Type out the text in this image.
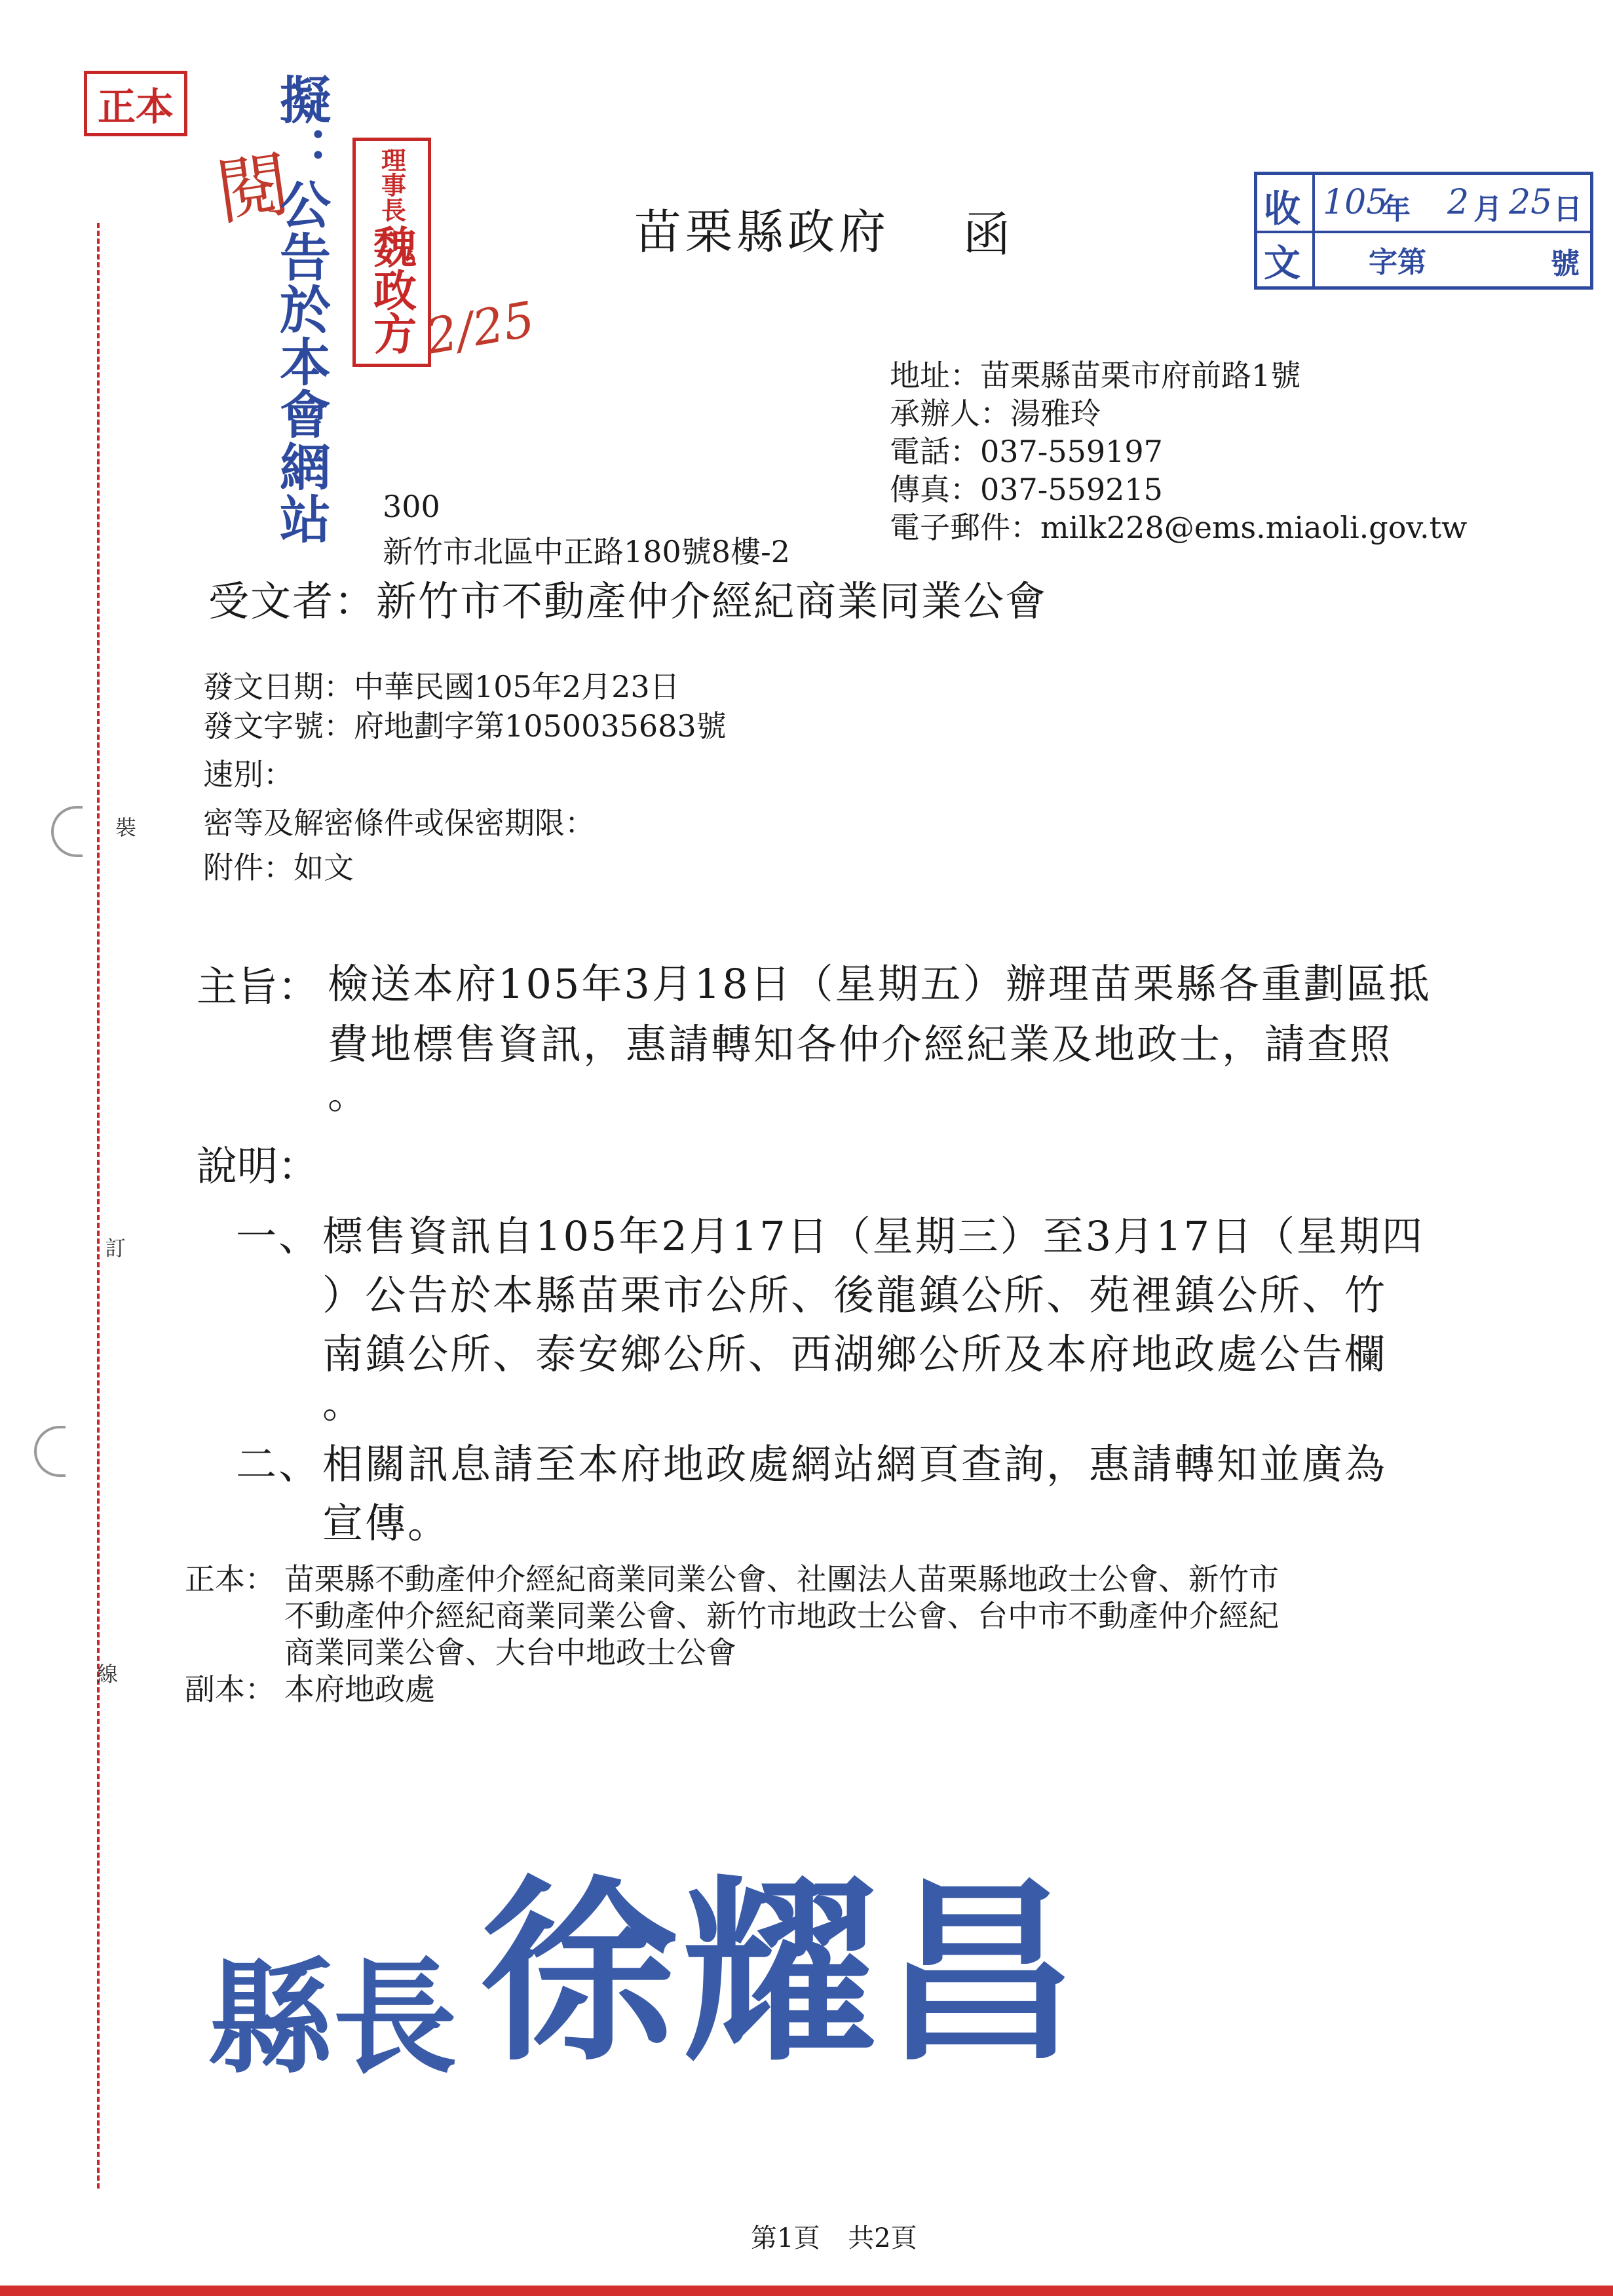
正本
閱
擬：公告於本會網站 理事長
魏政方 2/25
收 105
年 2 月 25 日
文 字第	號
苗栗縣政府 函
地址：苗栗縣苗栗市府前路1號
承辦人：湯雅玲
電話：037-559197
傳真：037-559215
電子郵件：milk228@ems.miaoli.gov.tw
300
新竹市北區中正路180號8樓-2
受文者：新竹市不動產仲介經紀商業同業公會
發文日期：中華民國105年2月23日
發文字號：府地劃字第1050035683號
速別：
密等及解密條件或保密期限：
附件：如文
主旨： 檢送本府105年3月18日（星期五）辦理苗栗縣各重劃區抵
費地標售資訊，惠請轉知各仲介經紀業及地政士，請查照
。
說明：
一、 標售資訊自105年2月17日（星期三）至3月17日（星期四
）公告於本縣苗栗市公所、後龍鎮公所、苑裡鎮公所、竹
南鎮公所、泰安鄉公所、西湖鄉公所及本府地政處公告欄
。
二、 相關訊息請至本府地政處網站網頁查詢，惠請轉知並廣為
宣傳。
正本： 苗栗縣不動產仲介經紀商業同業公會、社團法人苗栗縣地政士公會、新竹市
不動產仲介經紀商業同業公會、新竹市地政士公會、台中市不動產仲介經紀
商業同業公會、大台中地政士公會
副本： 本府地政處
裝
訂
線
縣長 徐耀昌
第1頁 共2頁
